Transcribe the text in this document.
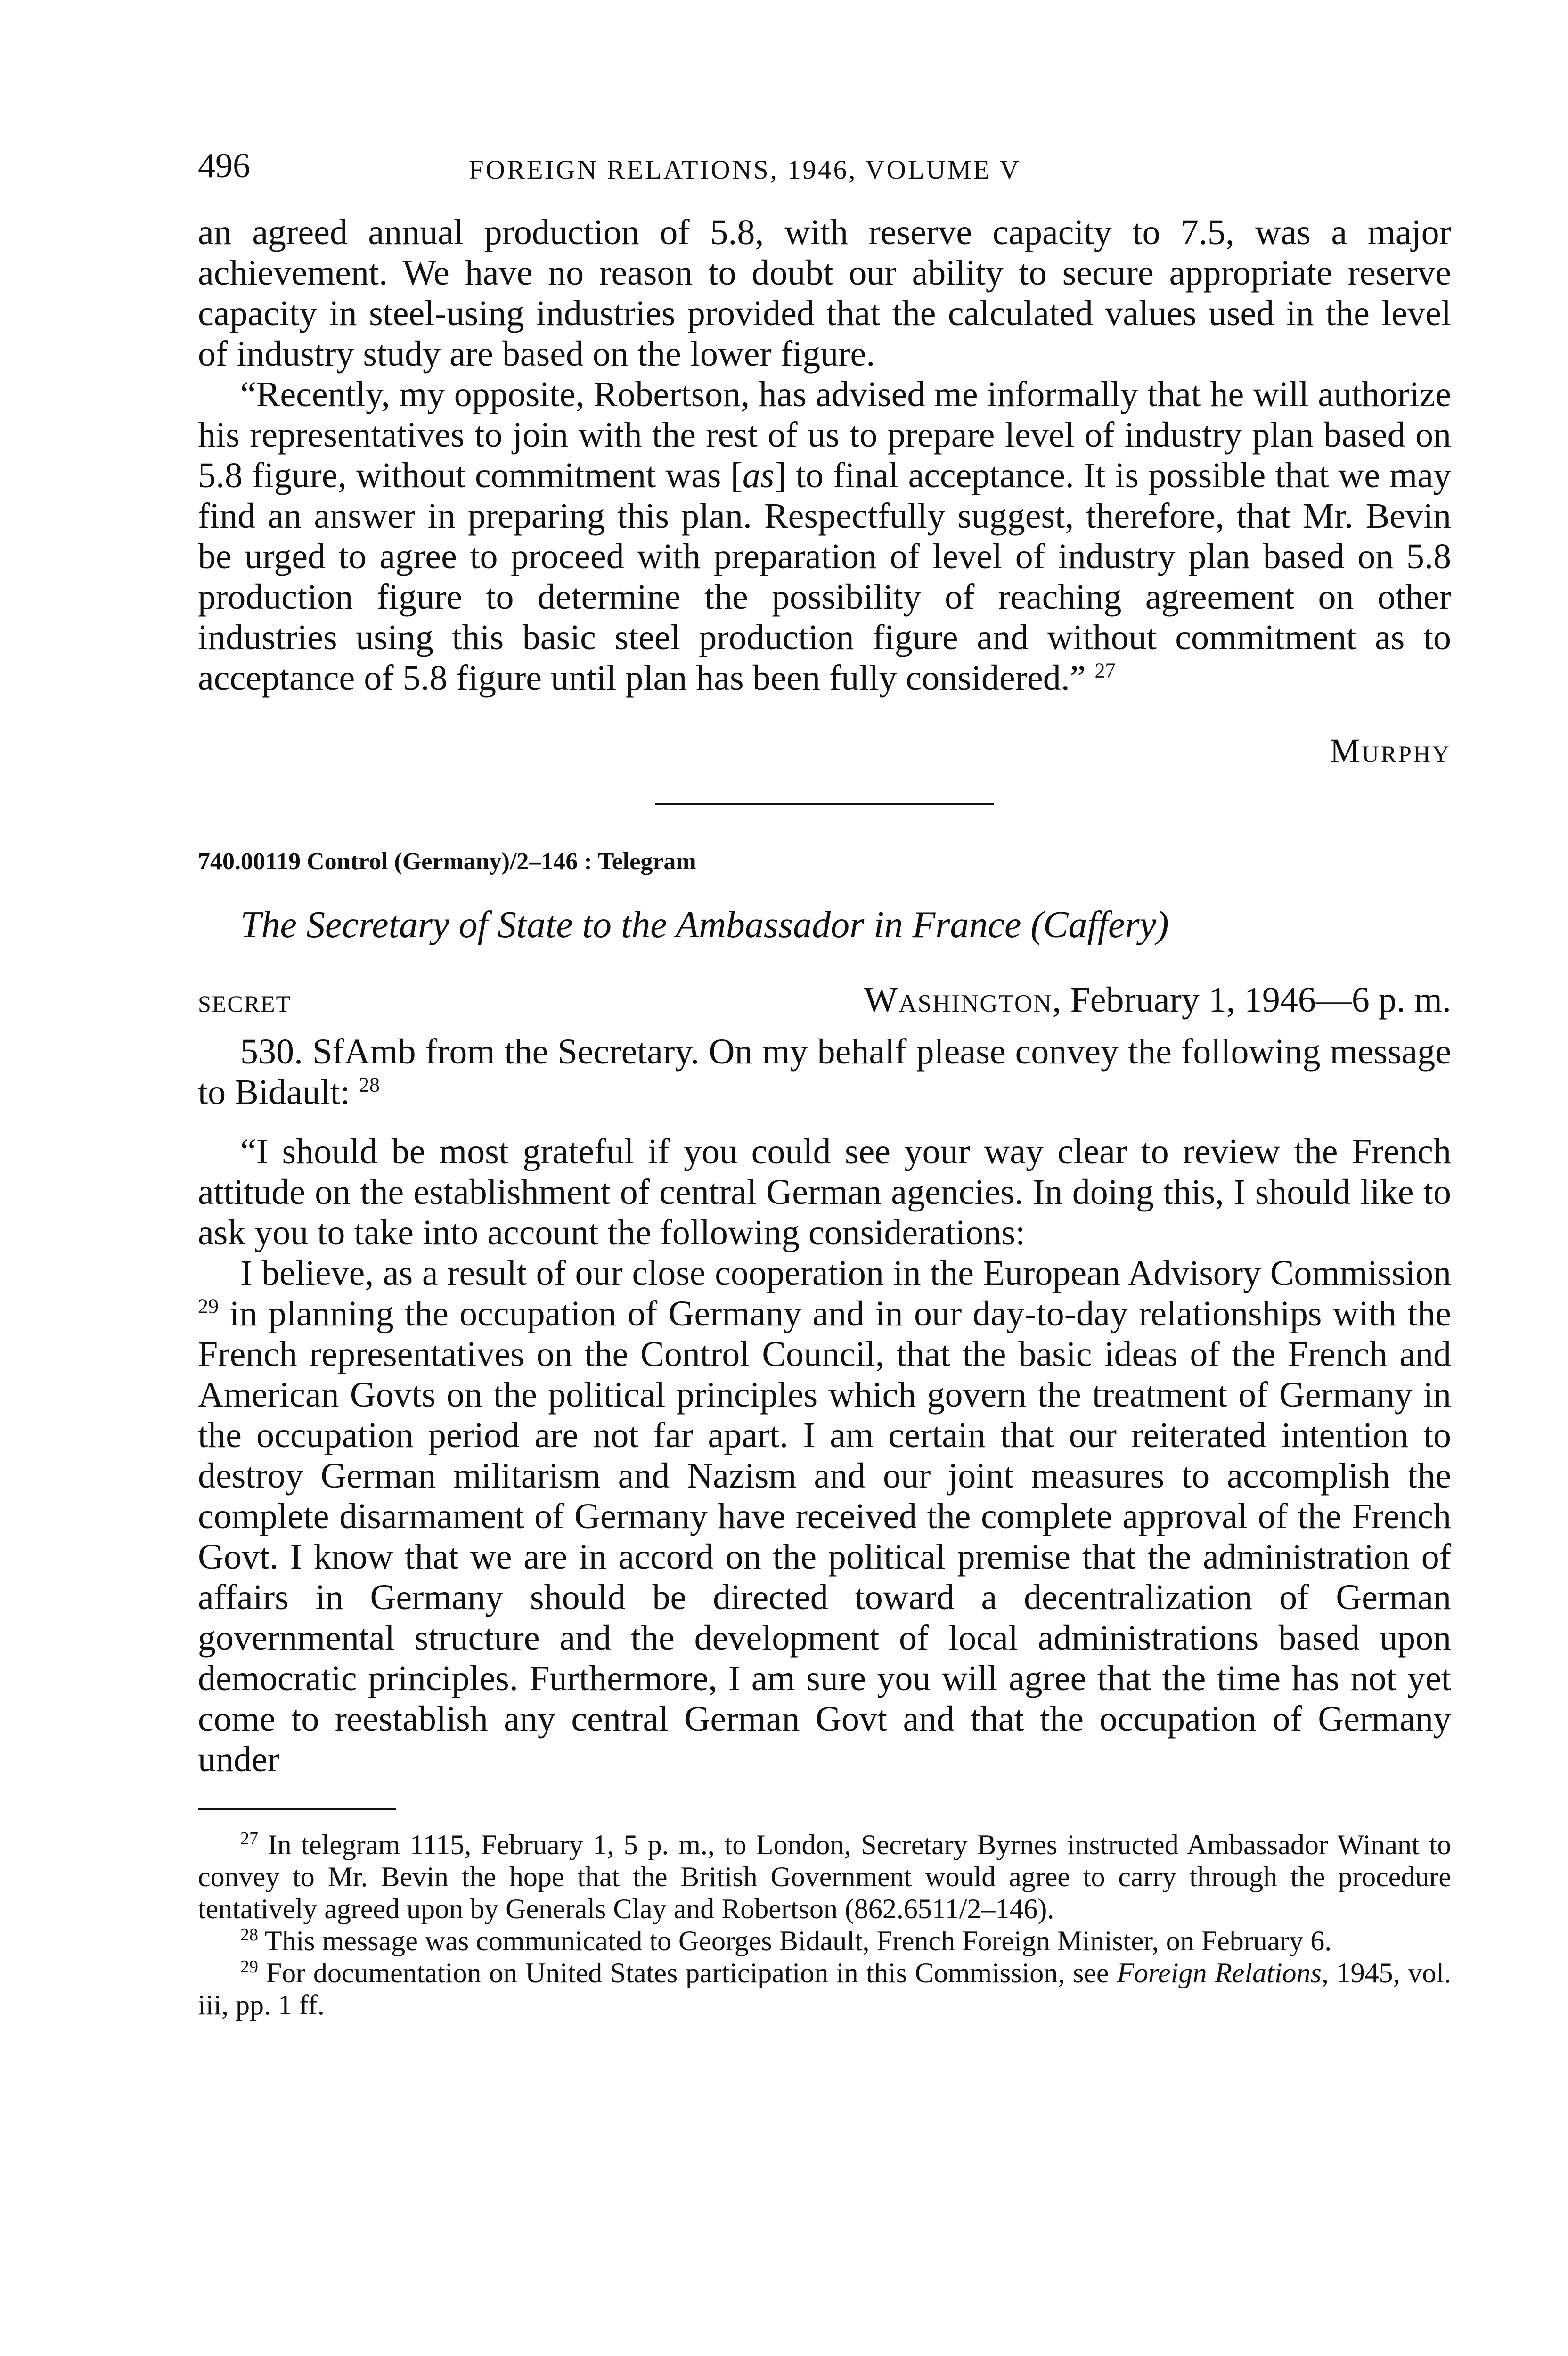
496	FOREIGN RELATIONS, 1946, VOLUME V

an agreed annual production of 5.8, with reserve capacity to 7.5, was a major achievement. We have no reason to doubt our ability to secure appropriate reserve capacity in steel-using industries provided that the calculated values used in the level of industry study are based on the lower figure.

“Recently, my opposite, Robertson, has advised me informally that he will authorize his representatives to join with the rest of us to prepare level of industry plan based on 5.8 figure, without commitment was [as] to final acceptance. It is possible that we may find an answer in preparing this plan. Respectfully suggest, therefore, that Mr. Bevin be urged to agree to proceed with preparation of level of industry plan based on 5.8 production figure to determine the possibility of reaching agreement on other industries using this basic steel production figure and without commitment as to acceptance of 5.8 figure until plan has been fully considered.” $^{27}$

Murphy
740.00119 Control (Germany)/2–146 : Telegram
The Secretary of State to the Ambassador in France (Caffery)
SECRET	Washington, February 1, 1946—6 p. m.

530. SfAmb from the Secretary. On my behalf please convey the following message to Bidault: $^{28}$

“I should be most grateful if you could see your way clear to review the French attitude on the establishment of central German agencies. In doing this, I should like to ask you to take into account the following considerations:

I believe, as a result of our close cooperation in the European Advisory Commission $^{29}$ in planning the occupation of Germany and in our day-to-day relationships with the French representatives on the Control Council, that the basic ideas of the French and American Govts on the political principles which govern the treatment of Germany in the occupation period are not far apart. I am certain that our reiterated intention to destroy German militarism and Nazism and our joint measures to accomplish the complete disarmament of Germany have received the complete approval of the French Govt. I know that we are in accord on the political premise that the administration of affairs in Germany should be directed toward a decentralization of German governmental structure and the development of local administrations based upon democratic principles. Furthermore, I am sure you will agree that the time has not yet come to reestablish any central German Govt and that the occupation of Germany under

$^{27}$ In telegram 1115, February 1, 5 p. m., to London, Secretary Byrnes instructed Ambassador Winant to convey to Mr. Bevin the hope that the British Government would agree to carry through the procedure tentatively agreed upon by Generals Clay and Robertson (862.6511/2–146).

$^{28}$ This message was communicated to Georges Bidault, French Foreign Minister, on February 6.

$^{29}$ For documentation on United States participation in this Commission, see Foreign Relations, 1945, vol. iii, pp. 1 ff.
